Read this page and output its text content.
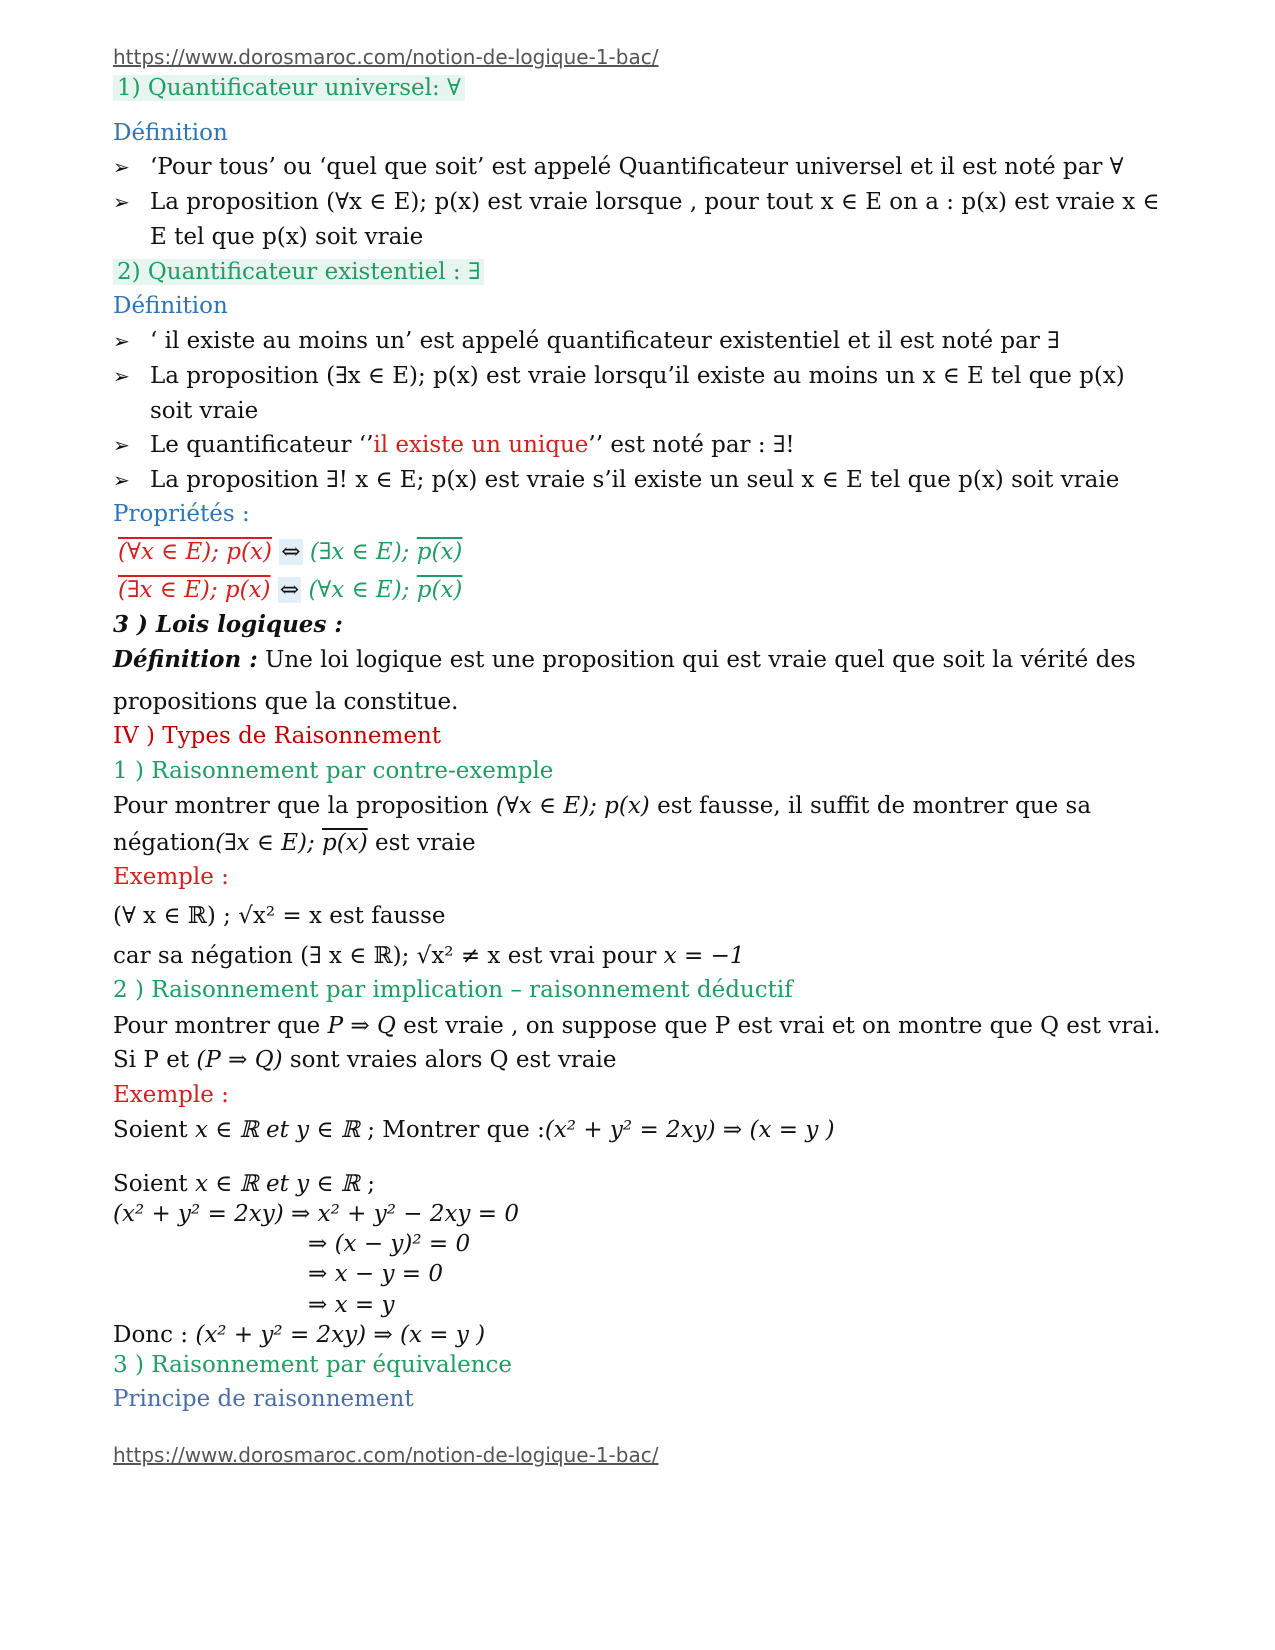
https://www.dorosmaroc.com/notion-de-logique-1-bac/
1) Quantificateur universel: ∀
Définition
➢ ‘Pour tous’ ou ‘quel que soit’ est appelé Quantificateur universel et il est noté par ∀
➢ La proposition (∀x ∈ E); p(x) est vraie lorsque , pour tout x ∈ E on a : p(x) est vraie x ∈
E tel que p(x) soit vraie
2) Quantificateur existentiel : ∃
Définition
➢ ‘ il existe au moins un’ est appelé quantificateur existentiel et il est noté par ∃
➢ La proposition (∃x ∈ E); p(x) est vraie lorsqu’il existe au moins un x ∈ E tel que p(x)
soit vraie
➢ Le quantificateur ‘’il existe un unique’’ est noté par : ∃!
➢ La proposition ∃! x ∈ E; p(x) est vraie s’il existe un seul x ∈ E tel que p(x) soit vraie
Propriétés :
(∀x ∈ E); p(x) ⇔ (∃x ∈ E); p(x)
(∃x ∈ E); p(x) ⇔ (∀x ∈ E); p(x)
3 ) Lois logiques :
Définition : Une loi logique est une proposition qui est vraie quel que soit la vérité des
propositions que la constitue.
IV ) Types de Raisonnement
1 ) Raisonnement par contre-exemple
Pour montrer que la proposition (∀x ∈ E); p(x) est fausse, il suffit de montrer que sa
négation(∃x ∈ E); p(x) est vraie
Exemple :
(∀ x ∈ ℝ) ; √x² = x est fausse
car sa négation (∃ x ∈ ℝ); √x² ≠ x est vrai pour x = −1
2 ) Raisonnement par implication – raisonnement déductif
Pour montrer que P ⇒ Q est vraie , on suppose que P est vrai et on montre que Q est vrai.
Si P et (P ⇒ Q) sont vraies alors Q est vraie
Exemple :
Soient x ∈ ℝ et y ∈ ℝ ; Montrer que :(x² + y² = 2xy) ⇒ (x = y )
Soient x ∈ ℝ et y ∈ ℝ ;
(x² + y² = 2xy) ⇒ x² + y² − 2xy = 0
⇒ (x − y)² = 0
⇒ x − y = 0
⇒ x = y
Donc : (x² + y² = 2xy) ⇒ (x = y )
3 ) Raisonnement par équivalence
Principe de raisonnement
https://www.dorosmaroc.com/notion-de-logique-1-bac/
